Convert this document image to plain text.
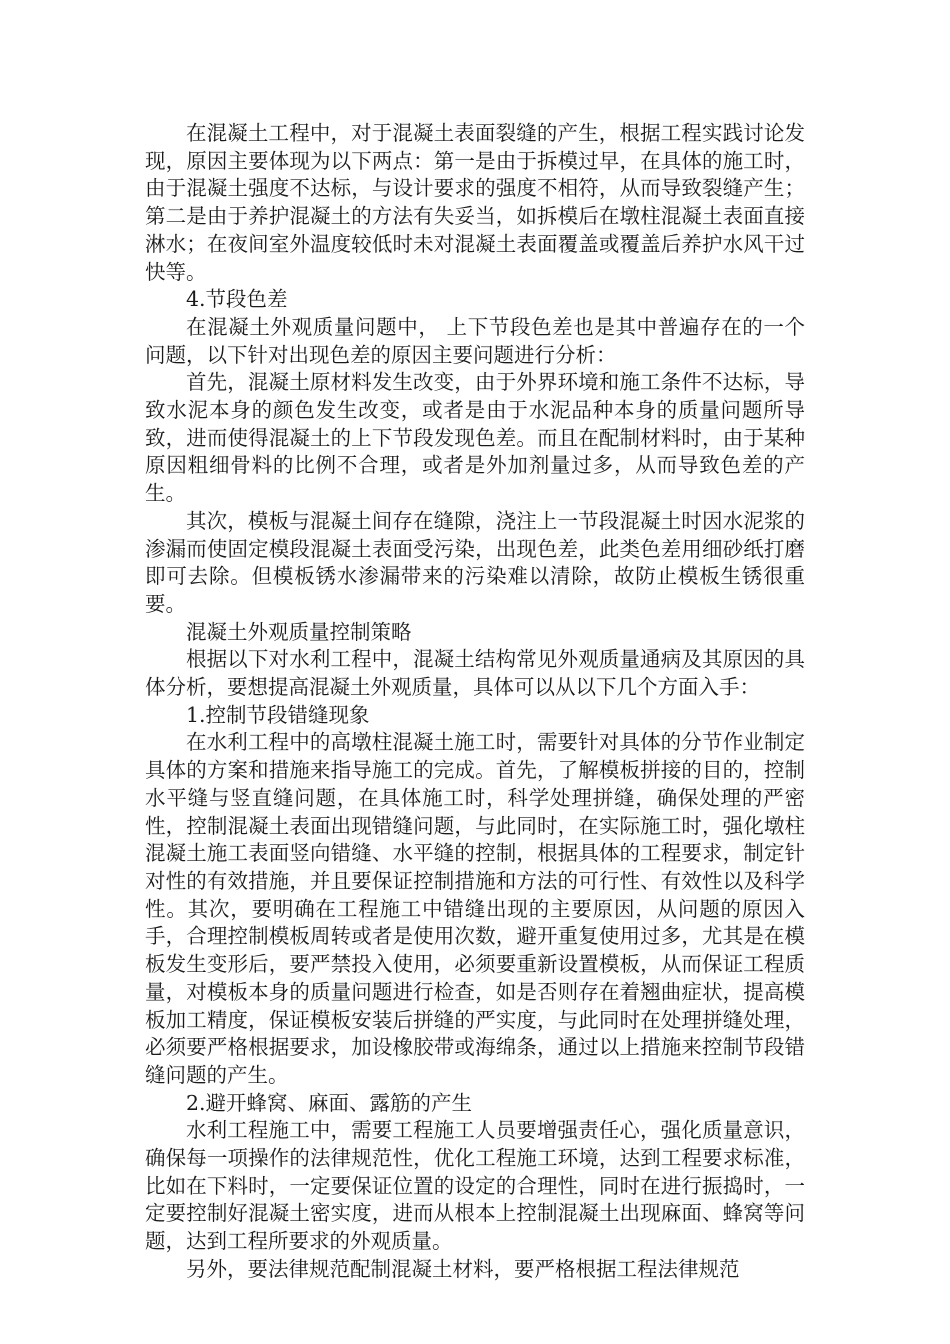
在混凝土工程中，对于混凝土表面裂缝的产生，根据工程实践讨论发现，原因主要体现为以下两点：第一是由于拆模过早，在具体的施工时，由于混凝土强度不达标，与设计要求的强度不相符，从而导致裂缝产生；第二是由于养护混凝土的方法有失妥当，如拆模后在墩柱混凝土表面直接淋水；在夜间室外温度较低时未对混凝土表面覆盖或覆盖后养护水风干过快等。

4.节段色差

在混凝土外观质量问题中， 上下节段色差也是其中普遍存在的一个问题，以下针对出现色差的原因主要问题进行分析：

首先，混凝土原材料发生改变，由于外界环境和施工条件不达标，导致水泥本身的颜色发生改变，或者是由于水泥品种本身的质量问题所导致，进而使得混凝土的上下节段发现色差。而且在配制材料时，由于某种原因粗细骨料的比例不合理，或者是外加剂量过多，从而导致色差的产生。

其次，模板与混凝土间存在缝隙，浇注上一节段混凝土时因水泥浆的渗漏而使固定模段混凝土表面受污染，出现色差，此类色差用细砂纸打磨即可去除。但模板锈水渗漏带来的污染难以清除，故防止模板生锈很重要。

混凝土外观质量控制策略

根据以下对水利工程中，混凝土结构常见外观质量通病及其原因的具体分析，要想提高混凝土外观质量，具体可以从以下几个方面入手：

1.控制节段错缝现象

在水利工程中的高墩柱混凝土施工时，需要针对具体的分节作业制定具体的方案和措施来指导施工的完成。首先，了解模板拼接的目的，控制水平缝与竖直缝问题，在具体施工时，科学处理拼缝，确保处理的严密性，控制混凝土表面出现错缝问题，与此同时，在实际施工时，强化墩柱混凝土施工表面竖向错缝、水平缝的控制，根据具体的工程要求，制定针对性的有效措施，并且要保证控制措施和方法的可行性、有效性以及科学性。其次，要明确在工程施工中错缝出现的主要原因，从问题的原因入手，合理控制模板周转或者是使用次数，避开重复使用过多，尤其是在模板发生变形后，要严禁投入使用，必须要重新设置模板，从而保证工程质量，对模板本身的质量问题进行检查，如是否则存在着翘曲症状，提高模板加工精度，保证模板安装后拼缝的严实度，与此同时在处理拼缝处理，必须要严格根据要求，加设橡胶带或海绵条，通过以上措施来控制节段错缝问题的产生。

2.避开蜂窝、麻面、露筋的产生

水利工程施工中，需要工程施工人员要增强责任心，强化质量意识，确保每一项操作的法律规范性，优化工程施工环境，达到工程要求标准，比如在下料时，一定要保证位置的设定的合理性，同时在进行振捣时，一定要控制好混凝土密实度，进而从根本上控制混凝土出现麻面、蜂窝等问题，达到工程所要求的外观质量。

另外，要法律规范配制混凝土材料，要严格根据工程法律规范
